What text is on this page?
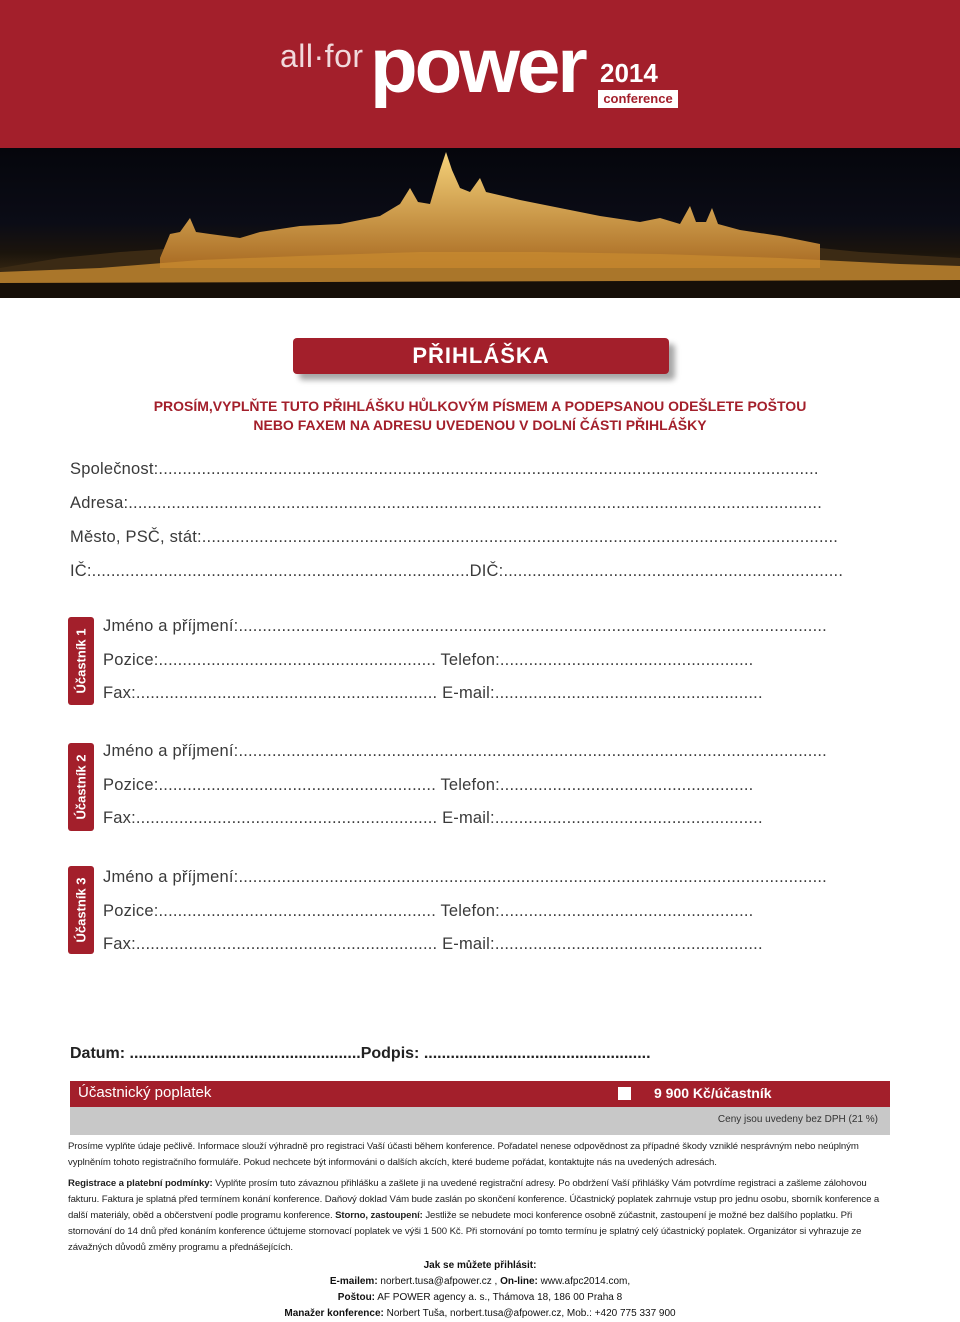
all·for power 2014
conference
PŘIHLÁŠKA
PROSÍM,VYPLŇTE TUTO PŘIHLÁŠKU HŮLKOVÝM PÍSMEM A PODEPSANOU ODEŠLETE POŠTOU
NEBO FAXEM NA ADRESU UVEDENOU V DOLNÍ ČÁSTI PŘIHLÁŠKY
Společnost:..........................................................................................................................................
Adresa:.................................................................................................................................................
Město, PSČ, stát:.....................................................................................................................................
IČ:...............................................................................DIČ:.......................................................................
Účastník 1
Jméno a příjmení:...........................................................................................................................
Pozice:.......................................................... Telefon:.....................................................
Fax:............................................................... E-mail:........................................................
Účastník 2
Jméno a příjmení:...........................................................................................................................
Pozice:.......................................................... Telefon:.....................................................
Fax:............................................................... E-mail:........................................................
Účastník 3
Jméno a příjmení:...........................................................................................................................
Pozice:.......................................................... Telefon:.....................................................
Fax:............................................................... E-mail:........................................................
Datum: ....................................................Podpis: ...................................................
Účastnický poplatek	9 900 Kč/účastník
Ceny jsou uvedeny bez DPH (21 %)
Prosíme vyplňte údaje pečlivě. Informace slouží výhradně pro registraci Vaší účasti během konference. Pořadatel nenese odpovědnost za případné škody vzniklé nesprávným nebo neúplným vyplněním tohoto registračního formuláře. Pokud nechcete být informováni o dalších akcích, které budeme pořádat, kontaktujte nás na uvedených adresách.
Registrace a platební podmínky: Vyplňte prosím tuto závaznou přihlášku a zašlete ji na uvedené registrační adresy. Po obdržení Vaší přihlášky Vám potvrdíme registraci a zašleme zálohovou fakturu. Faktura je splatná před termínem konání konference. Daňový doklad Vám bude zaslán po skončení konference. Účastnický poplatek zahrnuje vstup pro jednu osobu, sborník konference a další materiály, oběd a občerstvení podle programu konference. Storno, zastoupení: Jestliže se nebudete moci konference osobně zúčastnit, zastoupení je možné bez dalšího poplatku. Při stornování do 14 dnů před konáním konference účtujeme stornovací poplatek ve výši 1 500 Kč. Při stornování po tomto termínu je splatný celý účastnický poplatek. Organizátor si vyhrazuje ze závažných důvodů změny programu a přednášejících.
Jak se můžete přihlásit:
E-mailem: norbert.tusa@afpower.cz , On-line: www.afpc2014.com,
Poštou: AF POWER agency a. s., Thámova 18, 186 00 Praha 8
Manažer konference: Norbert Tuša, norbert.tusa@afpower.cz, Mob.: +420 775 337 900
